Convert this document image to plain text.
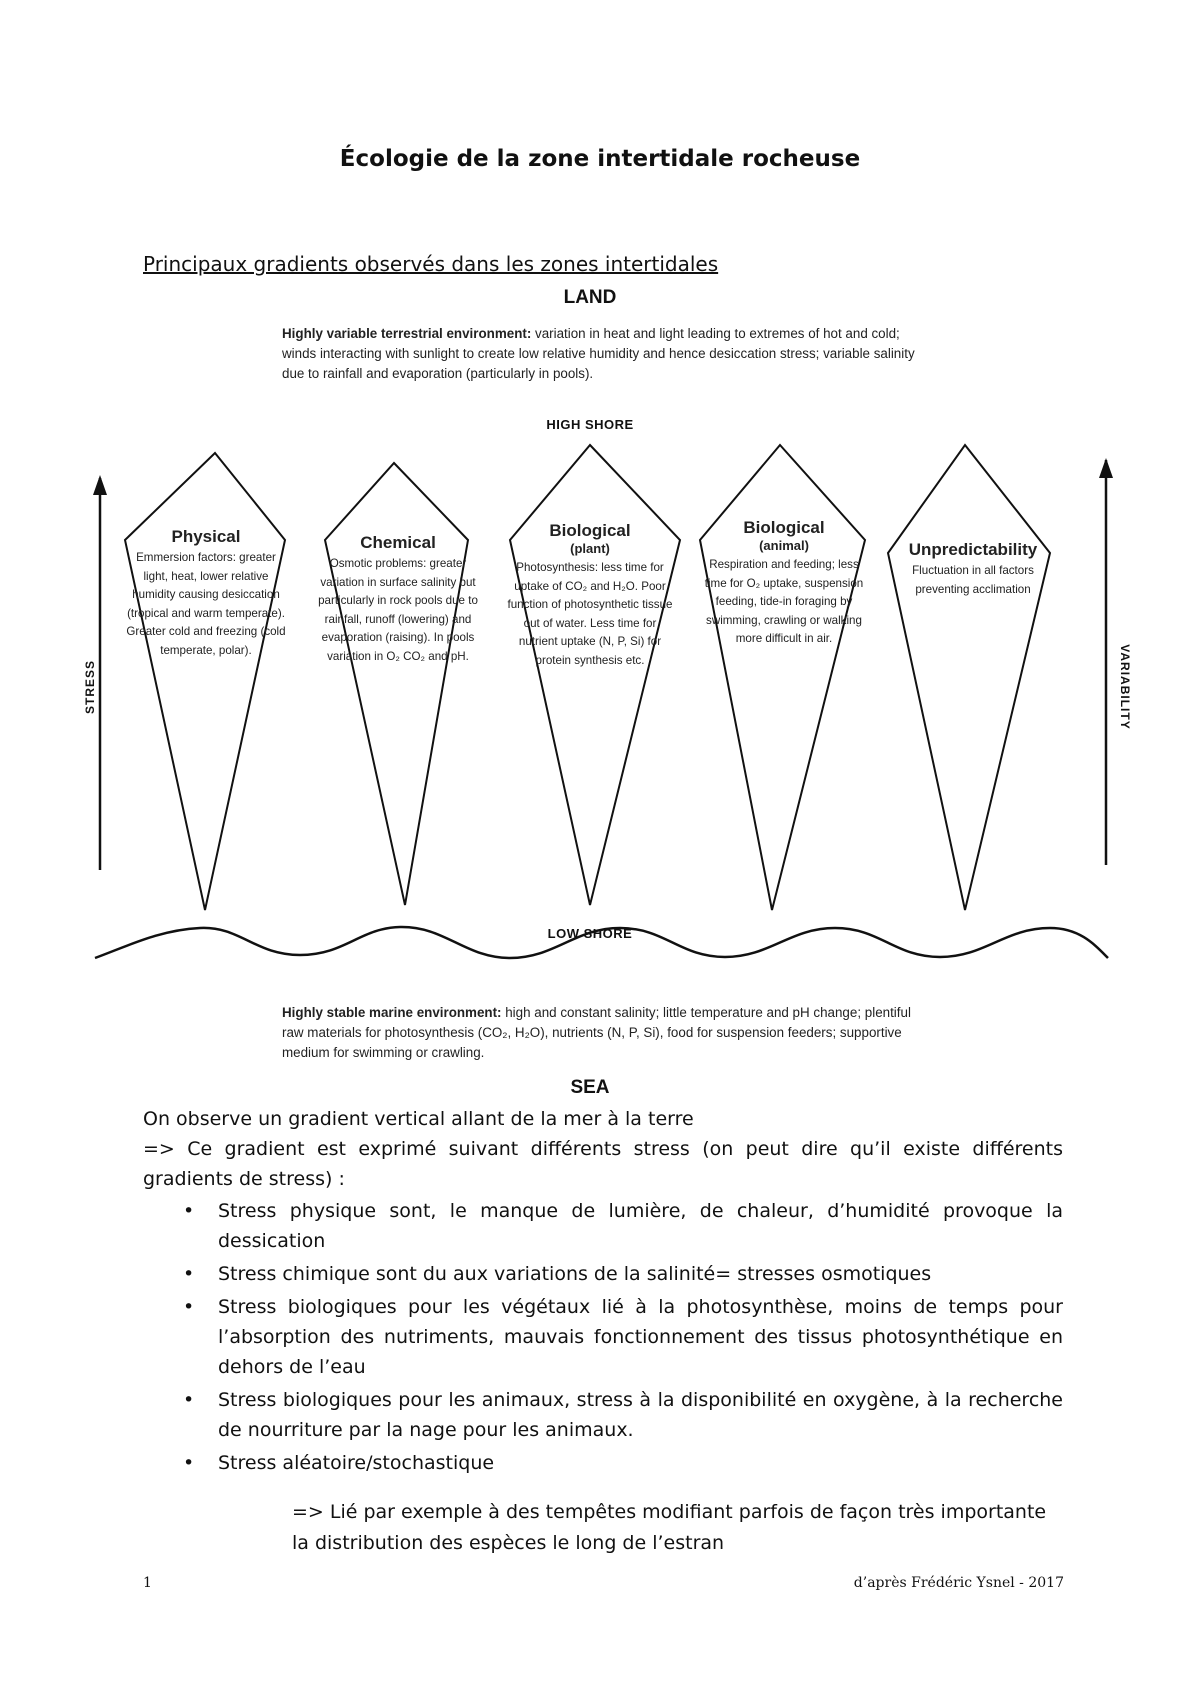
Écologie de la zone intertidale rocheuse
Principaux gradients observés dans les zones intertidales
LAND
Highly variable terrestrial environment: variation in heat and light leading to extremes of hot and cold; winds interacting with sunlight to create low relative humidity and hence desiccation stress; variable salinity due to rainfall and evaporation (particularly in pools).
HIGH SHORE
STRESS	VARIABILITY
Physical
Emmersion factors: greater light, heat, lower relative humidity causing desiccation (tropical and warm temperate). Greater cold and freezing (cold temperate, polar).
Chemical
Osmotic problems: greater variation in surface salinity but particularly in rock pools due to rainfall, runoff (lowering) and evaporation (raising). In pools variation in O₂ CO₂ and pH.
Biological
(plant)
Photosynthesis: less time for uptake of CO₂ and H₂O. Poor function of photosynthetic tissue out of water. Less time for nutrient uptake (N, P, Si) for protein synthesis etc.
Biological
(animal)
Respiration and feeding; less time for O₂ uptake, suspension feeding, tide-in foraging by swimming, crawling or walking more difficult in air.
Unpredictability
Fluctuation in all factors preventing acclimation
LOW SHORE
Highly stable marine environment: high and constant salinity; little temperature and pH change; plentiful raw materials for photosynthesis (CO₂, H₂O), nutrients (N, P, Si), food for suspension feeders; supportive medium for swimming or crawling.
SEA
On observe un gradient vertical allant de la mer à la terre
=> Ce gradient est exprimé suivant différents stress (on peut dire qu’il existe différents gradients de stress) :
• Stress physique sont, le manque de lumière, de chaleur, d’humidité provoque la dessication
• Stress chimique sont du aux variations de la salinité= stresses osmotiques
• Stress biologiques pour les végétaux lié à la photosynthèse, moins de temps pour l’absorption des nutriments, mauvais fonctionnement des tissus photosynthétique en dehors de l’eau
• Stress biologiques pour les animaux, stress à la disponibilité en oxygène, à la recherche de nourriture par la nage pour les animaux.
• Stress aléatoire/stochastique
=> Lié par exemple à des tempêtes modifiant parfois de façon très importante la distribution des espèces le long de l’estran
1	d’après Frédéric Ysnel - 2017
